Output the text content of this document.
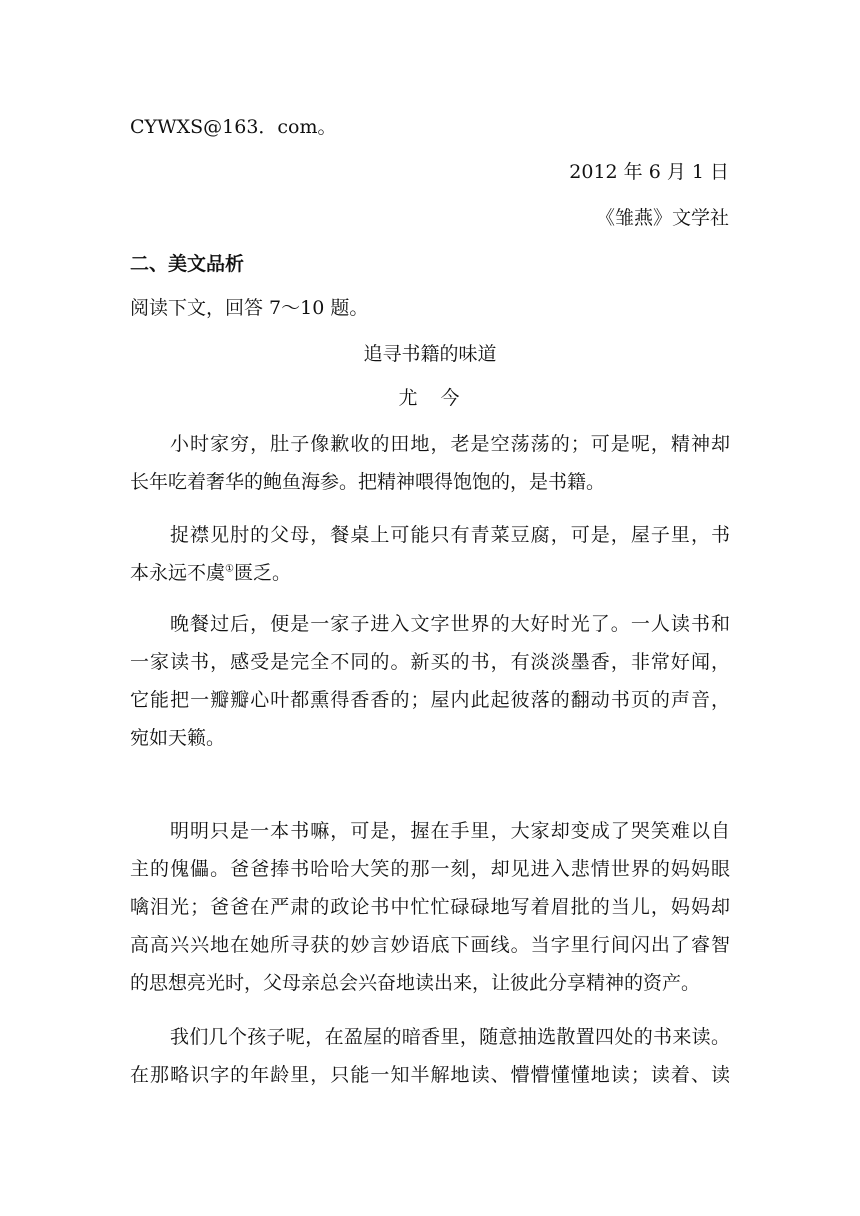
CYWXS@163．com。
2012 年 6 月 1 日
《雏燕》文学社
二、美文品析
阅读下文，回答 7～10 题。
追寻书籍的味道
尤　今
小时家穷，肚子像歉收的田地，老是空荡荡的；可是呢，精神却
长年吃着奢华的鲍鱼海参。把精神喂得饱饱的，是书籍。
捉襟见肘的父母，餐桌上可能只有青菜豆腐，可是，屋子里，书
本永远不虞①匮乏。
晚餐过后，便是一家子进入文字世界的大好时光了。一人读书和
一家读书，感受是完全不同的。新买的书，有淡淡墨香，非常好闻，
它能把一瓣瓣心叶都熏得香香的；屋内此起彼落的翻动书页的声音，
宛如天籁。
明明只是一本书嘛，可是，握在手里，大家却变成了哭笑难以自
主的傀儡。爸爸捧书哈哈大笑的那一刻，却见进入悲情世界的妈妈眼
噙泪光；爸爸在严肃的政论书中忙忙碌碌地写着眉批的当儿，妈妈却
高高兴兴地在她所寻获的妙言妙语底下画线。当字里行间闪出了睿智
的思想亮光时，父母亲总会兴奋地读出来，让彼此分享精神的资产。
我们几个孩子呢，在盈屋的暗香里，随意抽选散置四处的书来读。
在那略识字的年龄里，只能一知半解地读、懵懵懂懂地读；读着、读
